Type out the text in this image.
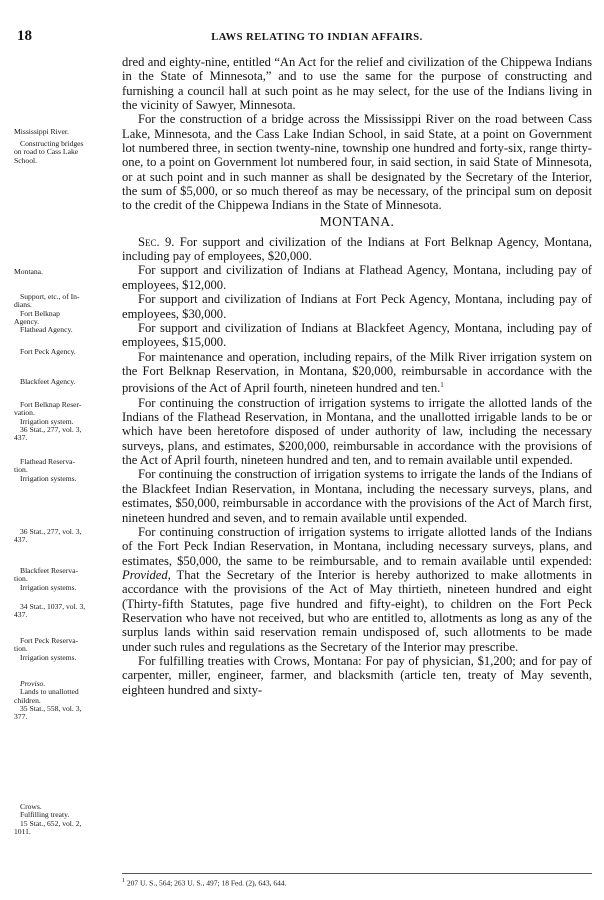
18	LAWS RELATING TO INDIAN AFFAIRS.
Mississippi River.
Constructing bridges
on road to Cass Lake
School.
Montana.
Support, etc., of In-
dians.
Fort Belknap
Agency.
Flathead Agency.
Fort Peck Agency.
Blackfeet Agency.
Fort Belknap Reser-
vation.
Irrigation system.
36 Stat., 277, vol. 3,
437.
Flathead Reserva-
tion.
Irrigation systems.
36 Stat., 277, vol. 3,
437.
Blackfeet Reserva-
tion.
Irrigation systems.
34 Stat., 1037, vol. 3,
437.
Fort Peck Reserva-
tion.
Irrigation systems.
Proviso.
Lands to unallotted
children.
35 Stat., 558, vol. 3,
377.
Crows.
Fulfilling treaty.
15 Stat., 652, vol. 2,
1011.

dred and eighty-nine, entitled “An Act for the relief and civilization of the Chippewa Indians in the State of Minnesota,” and to use the same for the purpose of constructing and furnishing a council hall at such point as he may select, for the use of the Indians living in the vicinity of Sawyer, Minnesota.

For the construction of a bridge across the Mississippi River on the road between Cass Lake, Minnesota, and the Cass Lake Indian School, in said State, at a point on Government lot numbered three, in section twenty-nine, township one hundred and forty-six, range thirty-one, to a point on Government lot numbered four, in said section, in said State of Minnesota, or at such point and in such manner as shall be designated by the Secretary of the Interior, the sum of $5,000, or so much thereof as may be necessary, of the principal sum on deposit to the credit of the Chippewa Indians in the State of Minnesota.

MONTANA.

Sec. 9. For support and civilization of the Indians at Fort Belknap Agency, Montana, including pay of employees, $20,000.

For support and civilization of Indians at Flathead Agency, Montana, including pay of employees, $12,000.

For support and civilization of Indians at Fort Peck Agency, Montana, including pay of employees, $30,000.

For support and civilization of Indians at Blackfeet Agency, Montana, including pay of employees, $15,000.

For maintenance and operation, including repairs, of the Milk River irrigation system on the Fort Belknap Reservation, in Montana, $20,000, reimbursable in accordance with the provisions of the Act of April fourth, nineteen hundred and ten.$^1$

For continuing the construction of irrigation systems to irrigate the allotted lands of the Indians of the Flathead Reservation, in Montana, and the unallotted irrigable lands to be or which have been heretofore disposed of under authority of law, including the necessary surveys, plans, and estimates, $200,000, reimbursable in accordance with the provisions of the Act of April fourth, nineteen hundred and ten, and to remain available until expended.

For continuing the construction of irrigation systems to irrigate the lands of the Indians of the Blackfeet Indian Reservation, in Montana, including the necessary surveys, plans, and estimates, $50,000, reimbursable in accordance with the provisions of the Act of March first, nineteen hundred and seven, and to remain available until expended.

For continuing construction of irrigation systems to irrigate allotted lands of the Indians of the Fort Peck Indian Reservation, in Montana, including necessary surveys, plans, and estimates, $50,000, the same to be reimbursable, and to remain available until expended: Provided, That the Secretary of the Interior is hereby authorized to make allotments in accordance with the provisions of the Act of May thirtieth, nineteen hundred and eight (Thirty-fifth Statutes, page five hundred and fifty-eight), to children on the Fort Peck Reservation who have not received, but who are entitled to, allotments as long as any of the surplus lands within said reservation remain undisposed of, such allotments to be made under such rules and regulations as the Secretary of the Interior may prescribe.

For fulfilling treaties with Crows, Montana: For pay of physician, $1,200; and for pay of carpenter, miller, engineer, farmer, and blacksmith (article ten, treaty of May seventh, eighteen hundred and sixty-

$^1$ 207 U. S., 564; 263 U. S., 497; 18 Fed. (2), 643, 644.
